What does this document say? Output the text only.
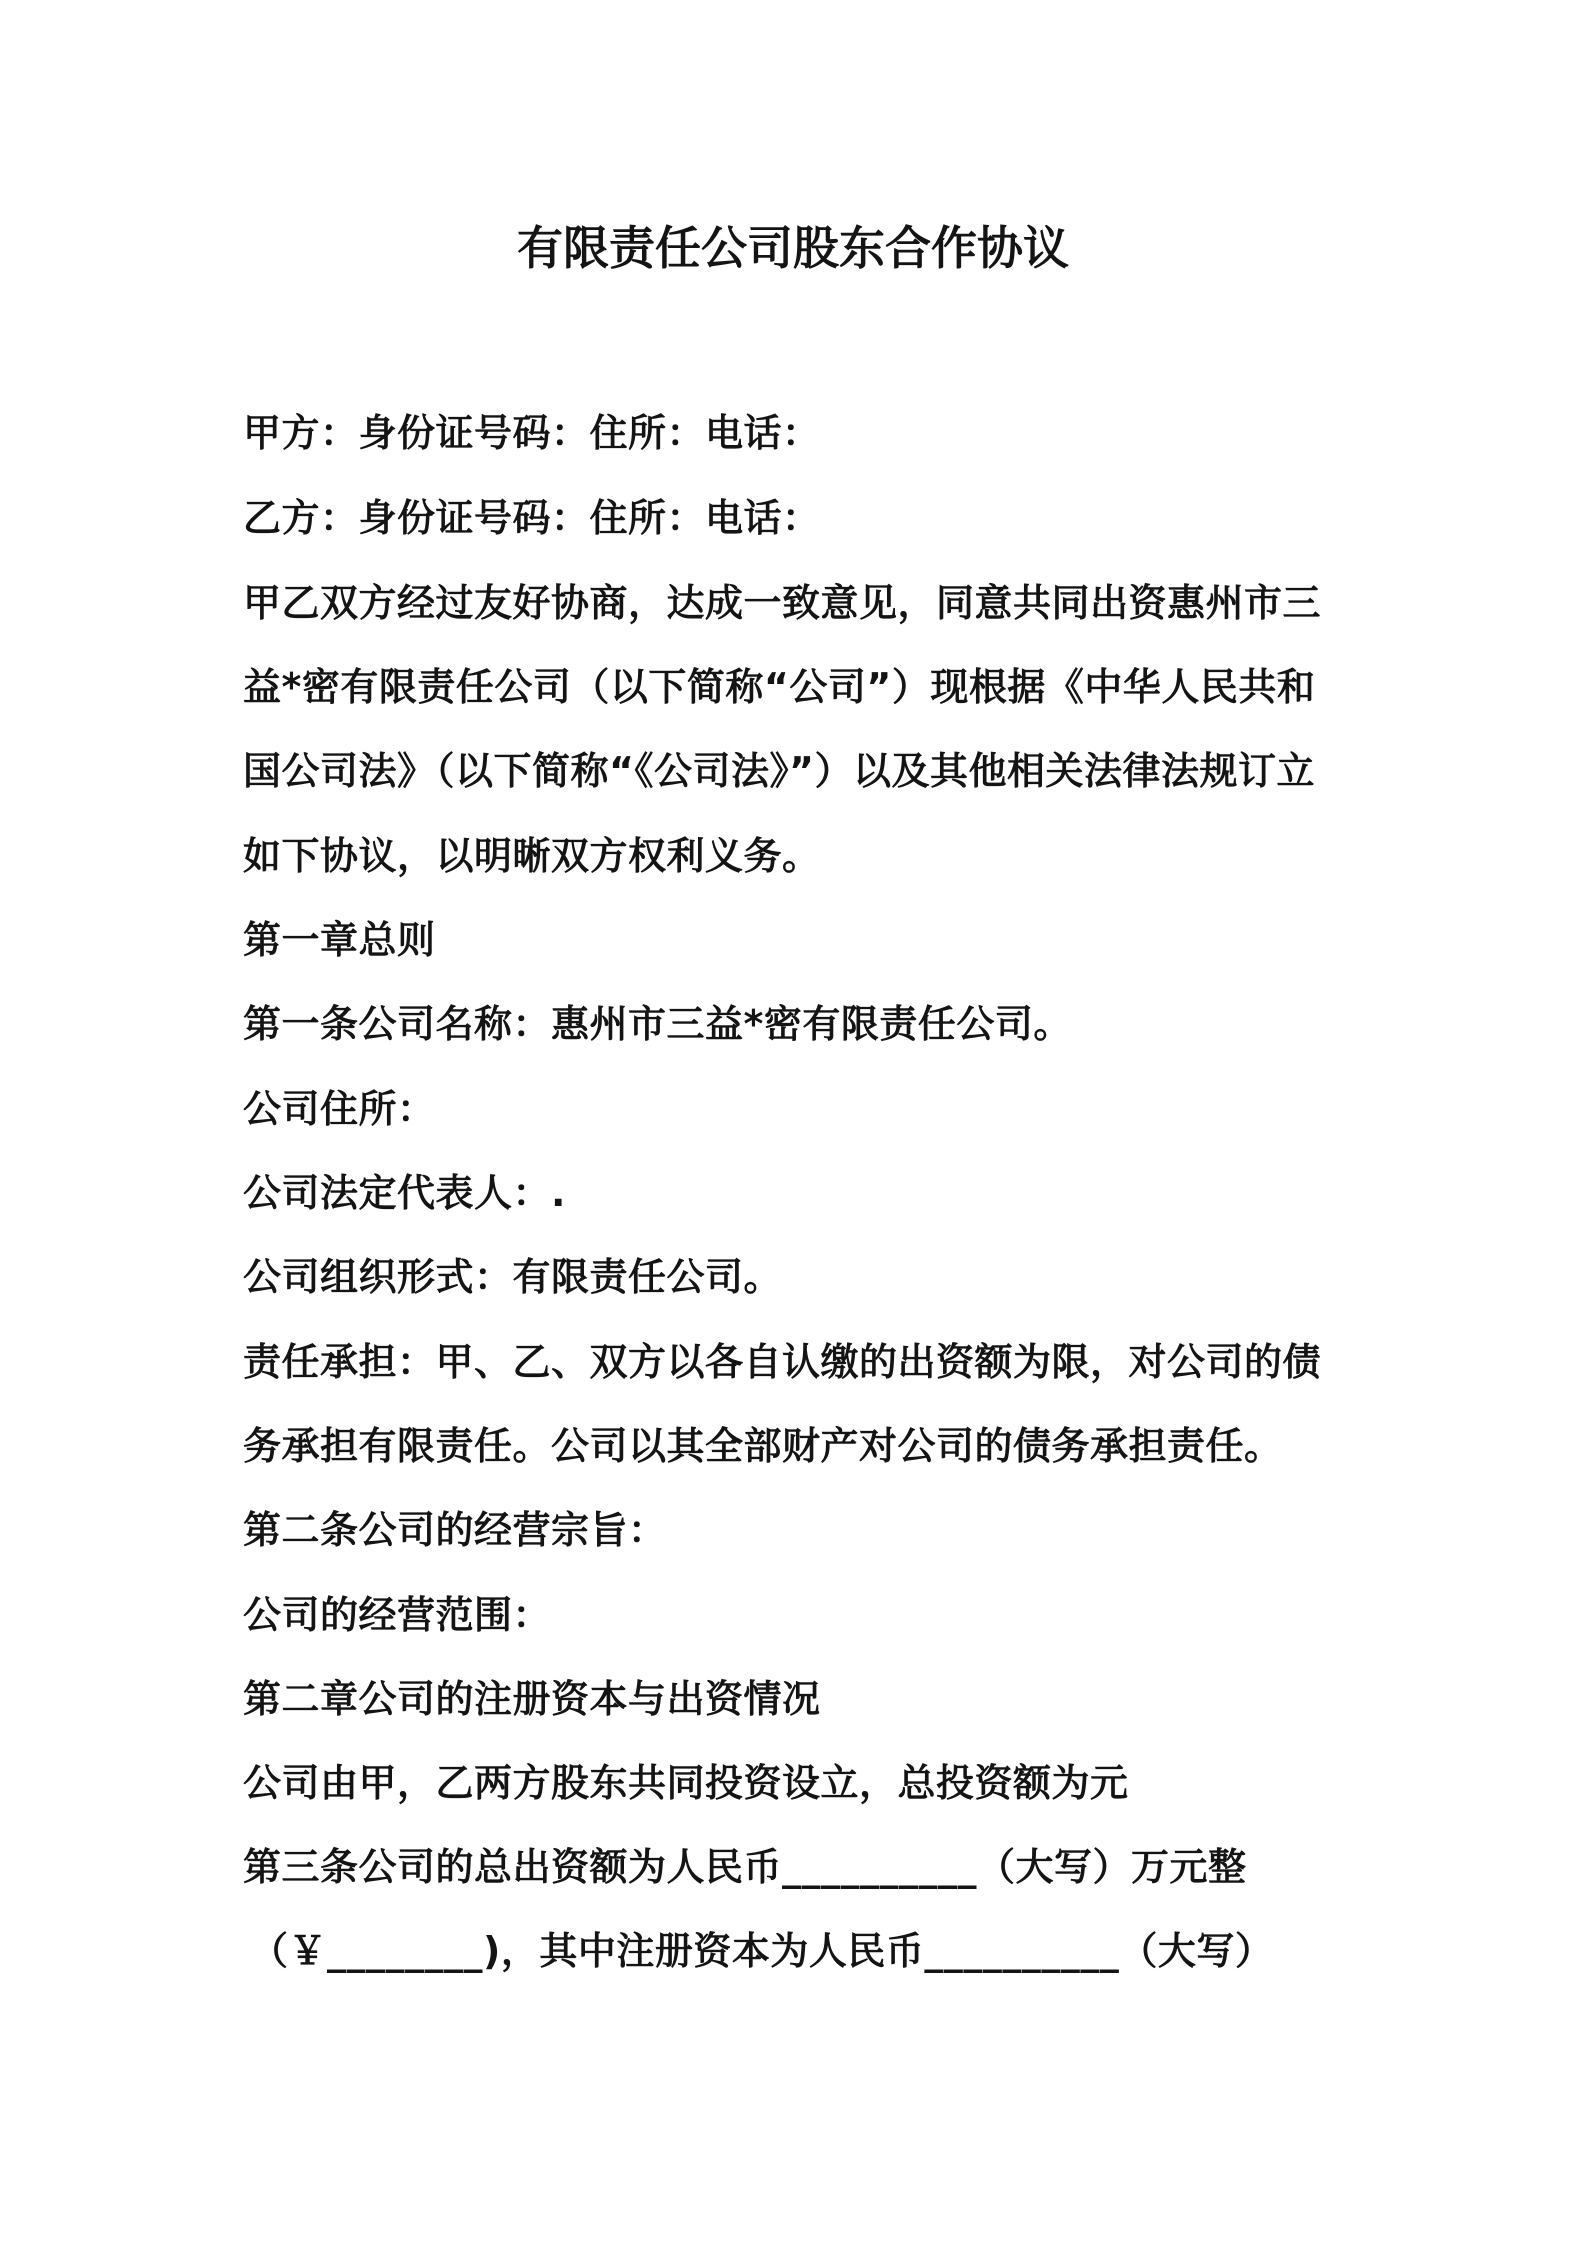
有限责任公司股东合作协议
甲方：身份证号码：住所：电话：
乙方：身份证号码：住所：电话：
甲乙双方经过友好协商，达成一致意见，同意共同出资惠州市三
益*密有限责任公司（以下简称“公司”）现根据《中华人民共和
国公司法》（以下简称“《公司法》”）以及其他相关法律法规订立
如下协议，以明晰双方权利义务。
第一章总则
第一条公司名称：惠州市三益*密有限责任公司。
公司住所：
公司法定代表人：.
公司组织形式：有限责任公司。
责任承担：甲、乙、双方以各自认缴的出资额为限，对公司的债
务承担有限责任。公司以其全部财产对公司的债务承担责任。
第二条公司的经营宗旨：
公司的经营范围：
第二章公司的注册资本与出资情况
公司由甲，乙两方股东共同投资设立，总投资额为元
第三条公司的总出资额为人民币__________（大写）万元整
（￥________)，其中注册资本为人民币__________（大写）
